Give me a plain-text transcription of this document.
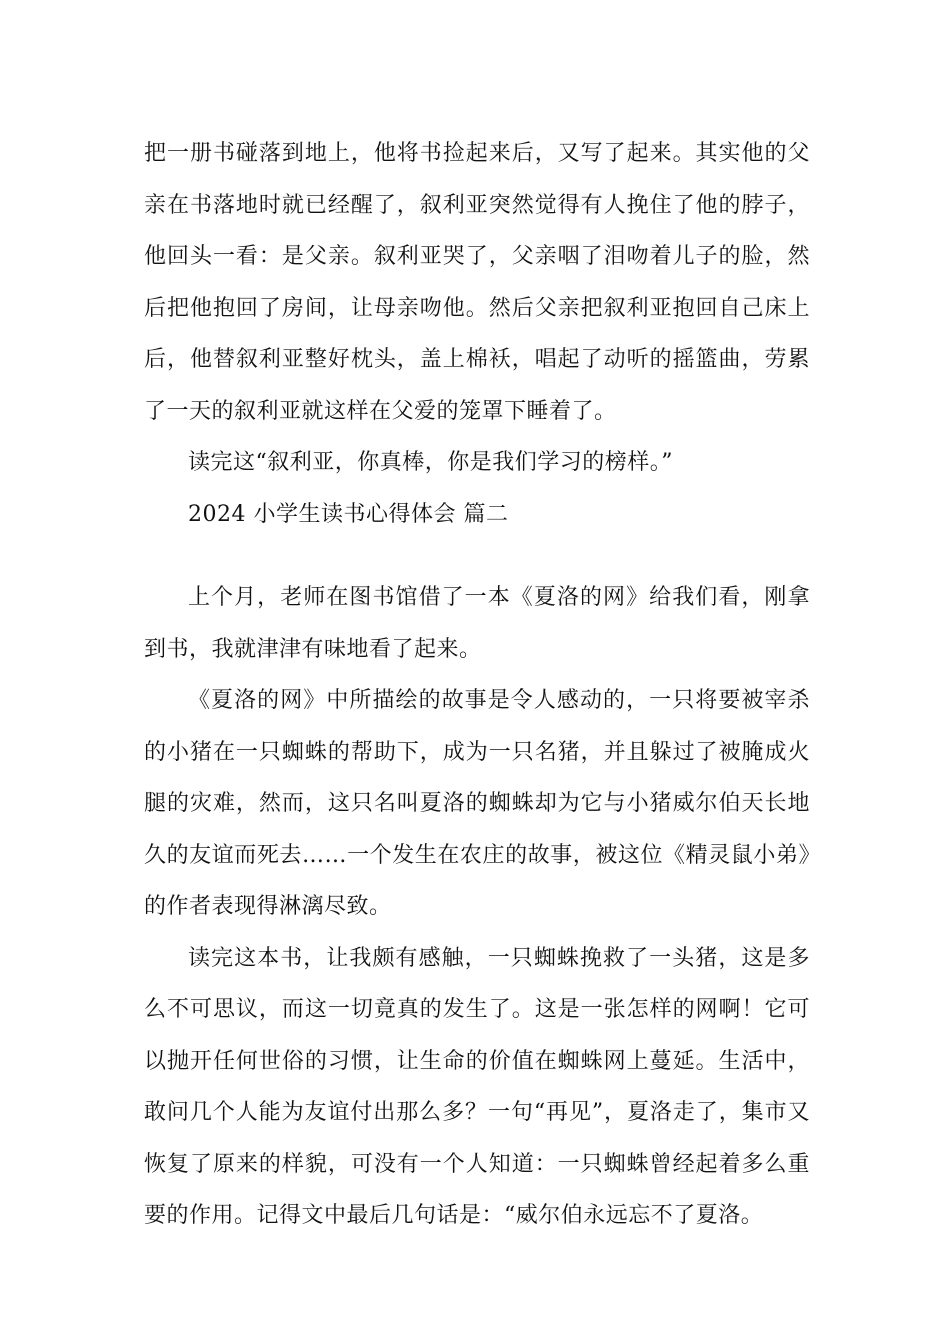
把一册书碰落到地上，他将书捡起来后，又写了起来。其实他的父亲在书落地时就已经醒了，叙利亚突然觉得有人挽住了他的脖子，他回头一看：是父亲。叙利亚哭了，父亲咽了泪吻着儿子的脸，然后把他抱回了房间，让母亲吻他。然后父亲把叙利亚抱回自己床上后，他替叙利亚整好枕头，盖上棉袄，唱起了动听的摇篮曲，劳累了一天的叙利亚就这样在父爱的笼罩下睡着了。

读完这“叙利亚，你真棒，你是我们学习的榜样。”

2024 小学生读书心得体会 篇二

上个月，老师在图书馆借了一本《夏洛的网》给我们看，刚拿到书，我就津津有味地看了起来。

《夏洛的网》中所描绘的故事是令人感动的，一只将要被宰杀的小猪在一只蜘蛛的帮助下，成为一只名猪，并且躲过了被腌成火腿的灾难，然而，这只名叫夏洛的蜘蛛却为它与小猪威尔伯天长地久的友谊而死去……一个发生在农庄的故事，被这位《精灵鼠小弟》的作者表现得淋漓尽致。

读完这本书，让我颇有感触，一只蜘蛛挽救了一头猪，这是多么不可思议，而这一切竟真的发生了。这是一张怎样的网啊！它可以抛开任何世俗的习惯，让生命的价值在蜘蛛网上蔓延。生活中，敢问几个人能为友谊付出那么多？一句“再见”，夏洛走了，集市又恢复了原来的样貌，可没有一个人知道：一只蜘蛛曾经起着多么重要的作用。记得文中最后几句话是：“威尔伯永远忘不了夏洛。
